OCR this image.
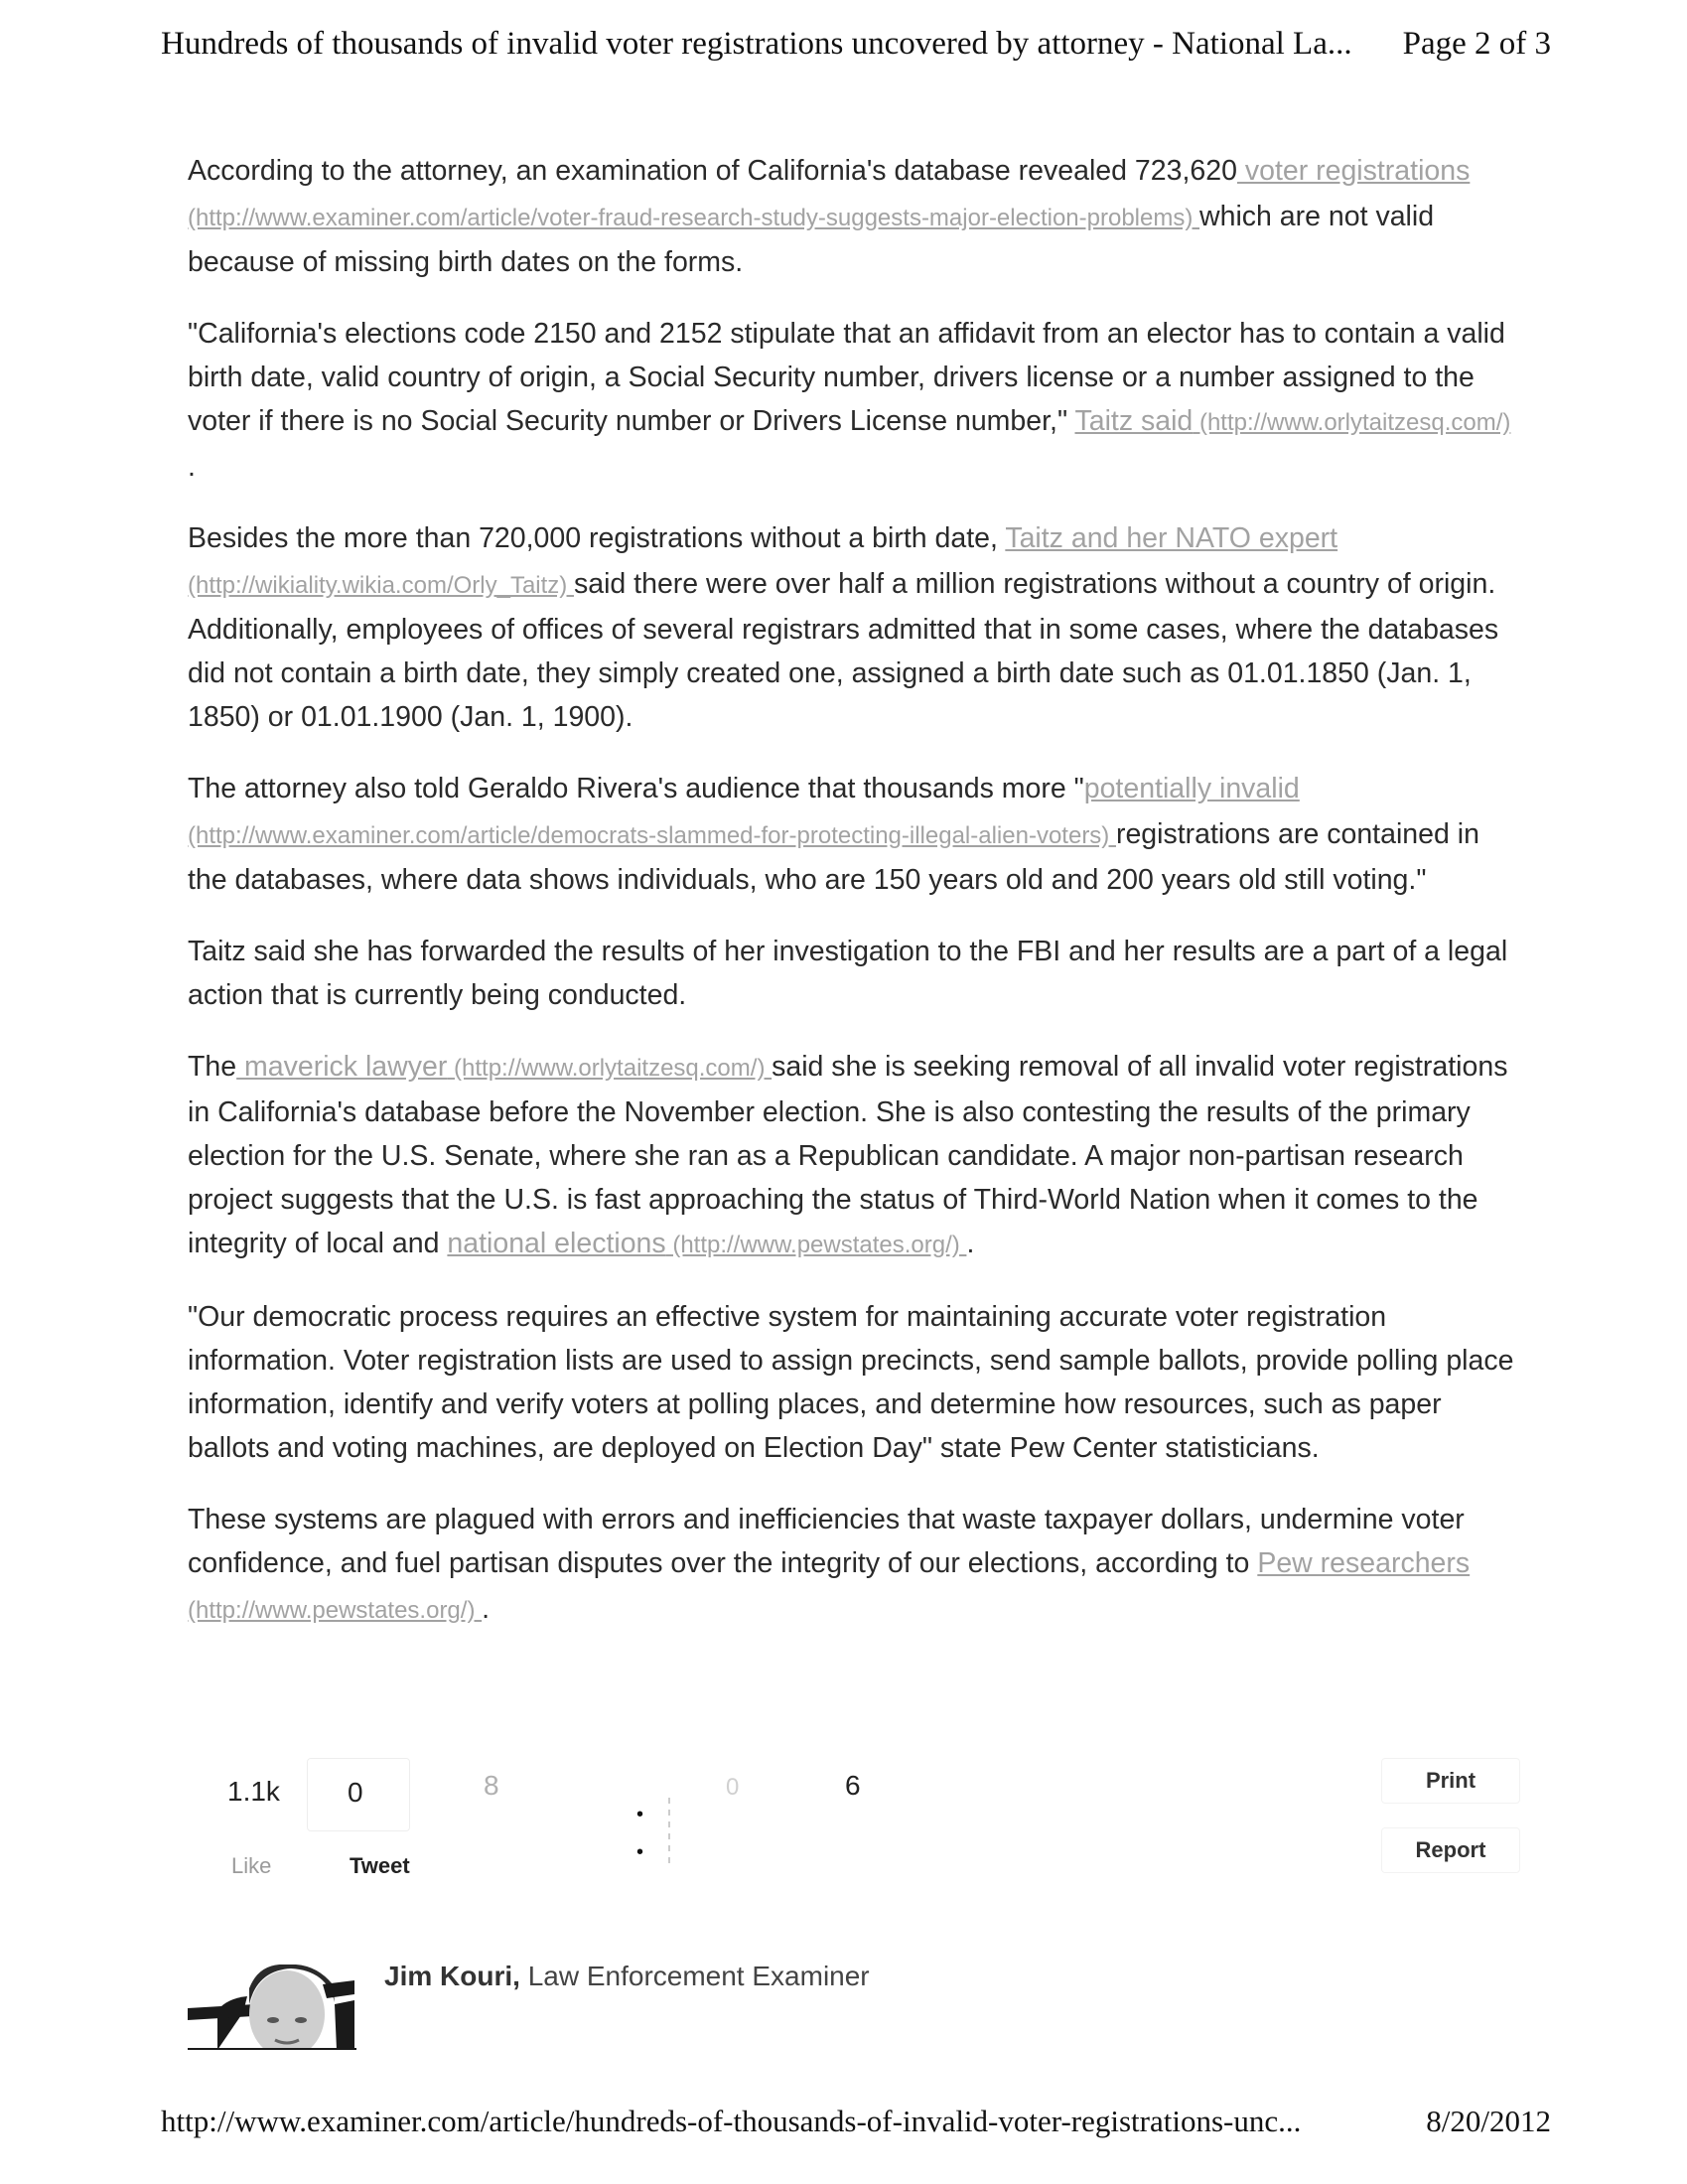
Hundreds of thousands of invalid voter registrations uncovered by attorney - National La... Page 2 of 3

According to the attorney, an examination of California's database revealed 723,620 voter registrations (http://www.examiner.com/article/voter-fraud-research-study-suggests-major-election-problems) which are not valid because of missing birth dates on the forms.

"California's elections code 2150 and 2152 stipulate that an affidavit from an elector has to contain a valid birth date, valid country of origin, a Social Security number, drivers license or a number assigned to the voter if there is no Social Security number or Drivers License number," Taitz said (http://www.orlytaitzesq.com/) .

Besides the more than 720,000 registrations without a birth date, Taitz and her NATO expert (http://wikiality.wikia.com/Orly_Taitz) said there were over half a million registrations without a country of origin. Additionally, employees of offices of several registrars admitted that in some cases, where the databases did not contain a birth date, they simply created one, assigned a birth date such as 01.01.1850 (Jan. 1, 1850) or 01.01.1900 (Jan. 1, 1900).

The attorney also told Geraldo Rivera's audience that thousands more "potentially invalid (http://www.examiner.com/article/democrats-slammed-for-protecting-illegal-alien-voters) registrations are contained in the databases, where data shows individuals, who are 150 years old and 200 years old still voting."

Taitz said she has forwarded the results of her investigation to the FBI and her results are a part of a legal action that is currently being conducted.

The maverick lawyer (http://www.orlytaitzesq.com/) said she is seeking removal of all invalid voter registrations in California's database before the November election. She is also contesting the results of the primary election for the U.S. Senate, where she ran as a Republican candidate. A major non-partisan research project suggests that the U.S. is fast approaching the status of Third-World Nation when it comes to the integrity of local and national elections (http://www.pewstates.org/) .

"Our democratic process requires an effective system for maintaining accurate voter registration information. Voter registration lists are used to assign precincts, send sample ballots, provide polling place information, identify and verify voters at polling places, and determine how resources, such as paper ballots and voting machines, are deployed on Election Day" state Pew Center statisticians.

These systems are plagued with errors and inefficiencies that waste taxpayer dollars, undermine voter confidence, and fuel partisan disputes over the integrity of our elections, according to Pew researchers (http://www.pewstates.org/) .

1.1k
Like
0
Tweet
8
•
•
0	6	Print
Report
Jim Kouri, Law Enforcement Examiner
http://www.examiner.com/article/hundreds-of-thousands-of-invalid-voter-registrations-unc...	8/20/2012
